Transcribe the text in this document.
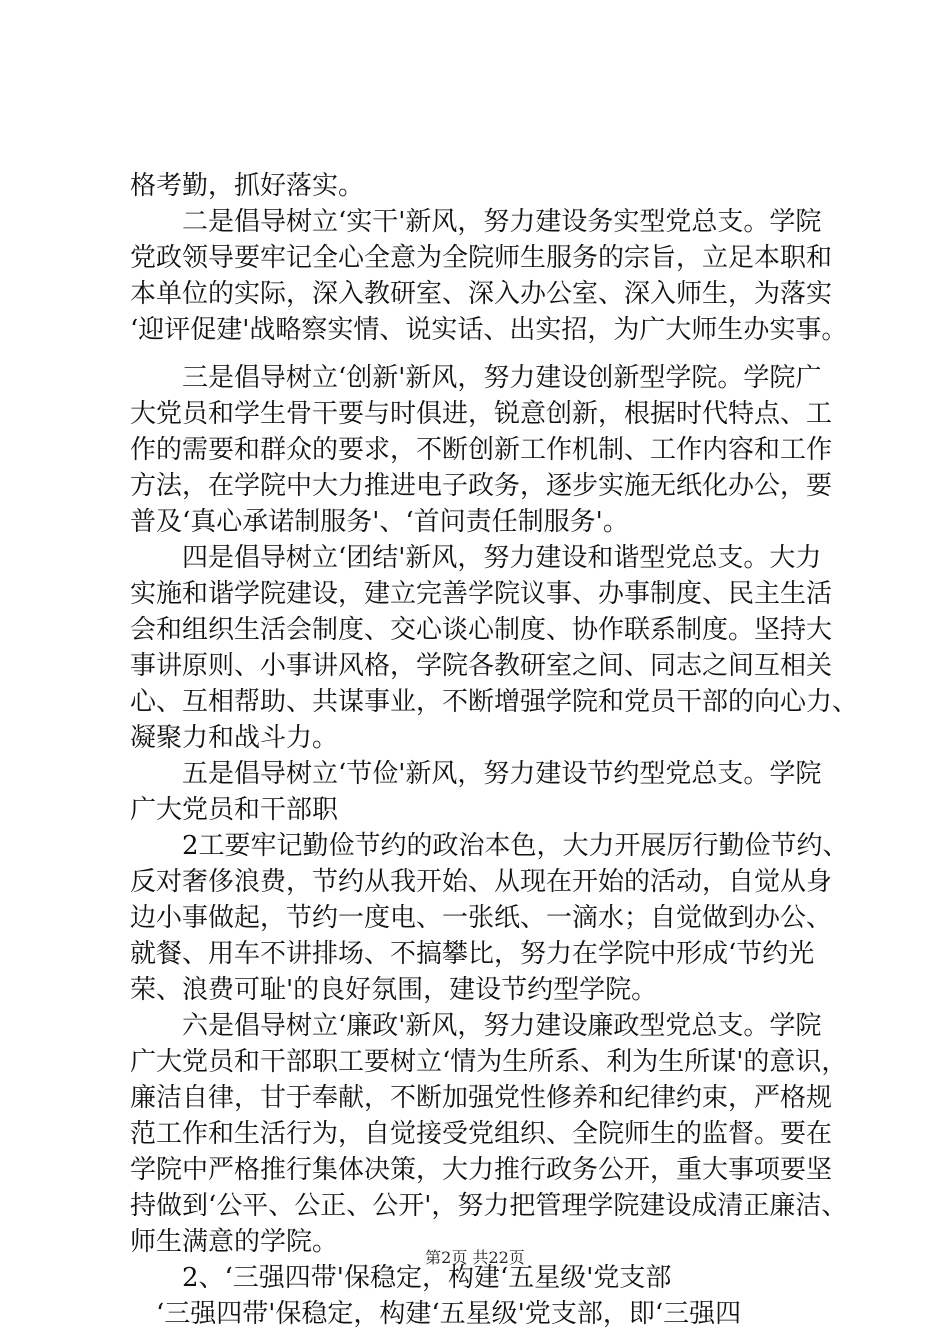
格考勤，抓好落实。
　　二是倡导树立‘实干'新风，努力建设务实型党总支。学院
党政领导要牢记全心全意为全院师生服务的宗旨，立足本职和
本单位的实际，深入教研室、深入办公室、深入师生，为落实
‘迎评促建'战略察实情、说实话、出实招，为广大师生办实事。
　　三是倡导树立‘创新'新风，努力建设创新型学院。学院广
大党员和学生骨干要与时俱进，锐意创新，根据时代特点、工
作的需要和群众的要求，不断创新工作机制、工作内容和工作
方法，在学院中大力推进电子政务，逐步实施无纸化办公，要
普及‘真心承诺制服务'、‘首问责任制服务'。
　　四是倡导树立‘团结'新风，努力建设和谐型党总支。大力
实施和谐学院建设，建立完善学院议事、办事制度、民主生活
会和组织生活会制度、交心谈心制度、协作联系制度。坚持大
事讲原则、小事讲风格，学院各教研室之间、同志之间互相关
心、互相帮助、共谋事业，不断增强学院和党员干部的向心力、
凝聚力和战斗力。
　　五是倡导树立‘节俭'新风，努力建设节约型党总支。学院
广大党员和干部职
　　2工要牢记勤俭节约的政治本色，大力开展厉行勤俭节约、
反对奢侈浪费，节约从我开始、从现在开始的活动，自觉从身
边小事做起，节约一度电、一张纸、一滴水；自觉做到办公、
就餐、用车不讲排场、不搞攀比，努力在学院中形成‘节约光
荣、浪费可耻'的良好氛围，建设节约型学院。
　　六是倡导树立‘廉政'新风，努力建设廉政型党总支。学院
广大党员和干部职工要树立‘情为生所系、利为生所谋'的意识，
廉洁自律，甘于奉献，不断加强党性修养和纪律约束，严格规
范工作和生活行为，自觉接受党组织、全院师生的监督。要在
学院中严格推行集体决策，大力推行政务公开，重大事项要坚
持做到‘公平、公正、公开'，努力把管理学院建设成清正廉洁、
师生满意的学院。
　　2、‘三强四带'保稳定，构建‘五星级'党支部
　‘三强四带'保稳定，构建‘五星级'党支部，即‘三强四
第2页 共22页
